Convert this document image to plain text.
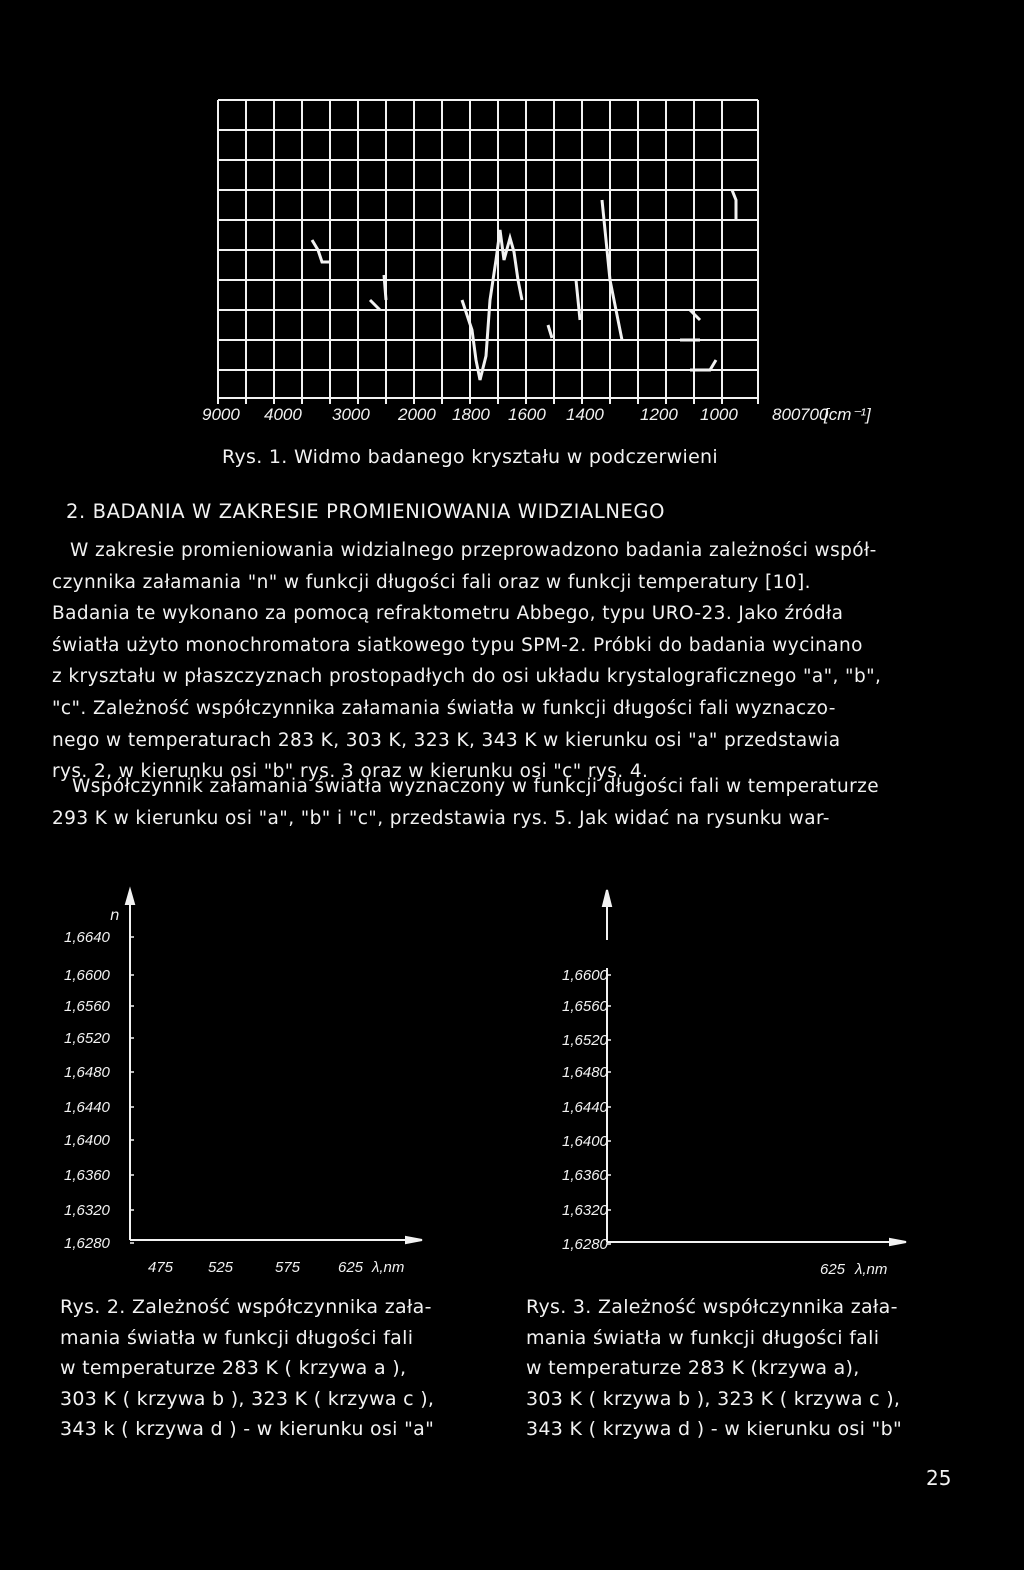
9000 4000 3000 2000 1800 1600 1400 1200 1000 800 700
[cm⁻¹]
Rys. 1. Widmo badanego kryształu w podczerwieni
2. BADANIA W ZAKRESIE PROMIENIOWANIA WIDZIALNEGO
W zakresie promieniowania widzialnego przeprowadzono badania zależności współ-
czynnika załamania "n" w funkcji długości fali oraz w funkcji temperatury [10].
Badania te wykonano za pomocą refraktometru Abbego, typu URO-23. Jako źródła
światła użyto monochromatora siatkowego typu SPM-2. Próbki do badania wycinano
z kryształu w płaszczyznach prostopadłych do osi układu krystalograficznego "a", "b",
"c". Zależność współczynnika załamania światła w funkcji długości fali wyznaczo-
nego w temperaturach 283 K, 303 K, 323 K, 343 K w kierunku osi "a" przedstawia
rys. 2, w kierunku osi "b" rys. 3 oraz w kierunku osi "c" rys. 4.
Współczynnik załamania światła wyznaczony w funkcji długości fali w temperaturze
293 K w kierunku osi "a", "b" i "c", przedstawia rys. 5. Jak widać na rysunku war-
n
1,6640
1,6600
1,6560
1,6520
1,6480
1,6440
1,6400
1,6360
1,6320
1,6280
475 525	575	625 λ,nm
1,6600
1,6560
1,6520
1,6480
1,6440
1,6400
1,6360
1,6320
1,6280
625 λ,nm
Rys. 2. Zależność współczynnika zała-
mania światła w funkcji długości fali
w temperaturze 283 K ( krzywa a ),
303 K ( krzywa b ), 323 K ( krzywa c ),
343 k ( krzywa d ) - w kierunku osi "a"
Rys. 3. Zależność współczynnika zała-
mania światła w funkcji długości fali
w temperaturze 283 K (krzywa a),
303 K ( krzywa b ), 323 K ( krzywa c ),
343 K ( krzywa d ) - w kierunku osi "b"
25
